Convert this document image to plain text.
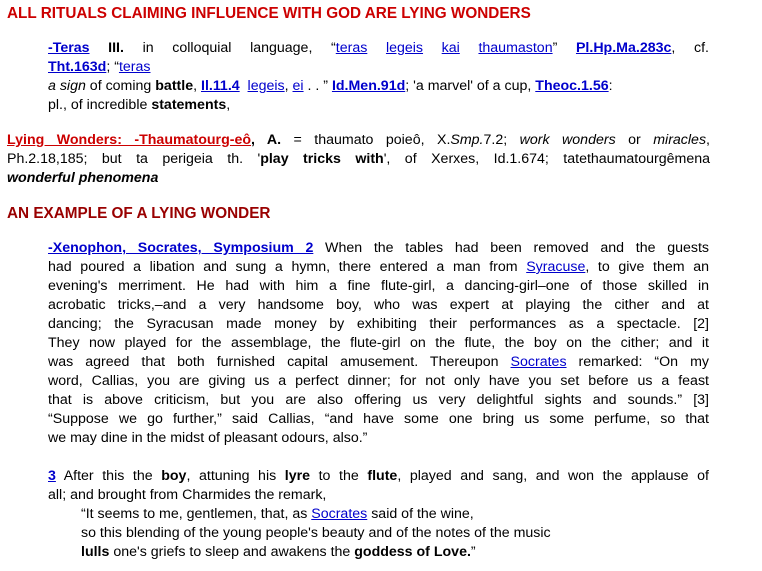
ALL RITUALS CLAIMING INFLUENCE WITH GOD ARE LYING WONDERS
-Teras III. in colloquial language, “teras legeis kai thaumaston” Pl.Hp.Ma.283c, cf.
Tht.163d; “teras
a sign of coming battle, Il.11.4 legeis, ei . . ” Id.Men.91d; 'a marvel' of a cup, Theoc.1.56:
pl., of incredible statements,
Lying Wonders: -Thaumatourg-eô, A. = thaumato poieô, X.Smp.7.2; work wonders or miracles,
Ph.2.18,185; but ta perigeia th. 'play tricks with', of Xerxes, Id.1.674; tatethaumatourgêmena
wonderful phenomena
AN EXAMPLE OF A LYING WONDER
-Xenophon, Socrates, Symposium 2 When the tables had been removed and the guests
had poured a libation and sung a hymn, there entered a man from Syracuse, to give them an
evening's merriment. He had with him a fine flute-girl, a dancing-girl–one of those skilled in
acrobatic tricks,–and a very handsome boy, who was expert at playing the cither and at
dancing; the Syracusan made money by exhibiting their performances as a spectacle. [2]
They now played for the assemblage, the flute-girl on the flute, the boy on the cither; and it
was agreed that both furnished capital amusement. Thereupon Socrates remarked: “On my
word, Callias, you are giving us a perfect dinner; for not only have you set before us a feast
that is above criticism, but you are also offering us very delightful sights and sounds.” [3]
“Suppose we go further,” said Callias, “and have some one bring us some perfume, so that
we may dine in the midst of pleasant odours, also.”
3 After this the boy, attuning his lyre to the flute, played and sang, and won the applause of
all; and brought from Charmides the remark,
“It seems to me, gentlemen, that, as Socrates said of the wine,
so this blending of the young people's beauty and of the notes of the music
lulls one's griefs to sleep and awakens the goddess of Love.”
